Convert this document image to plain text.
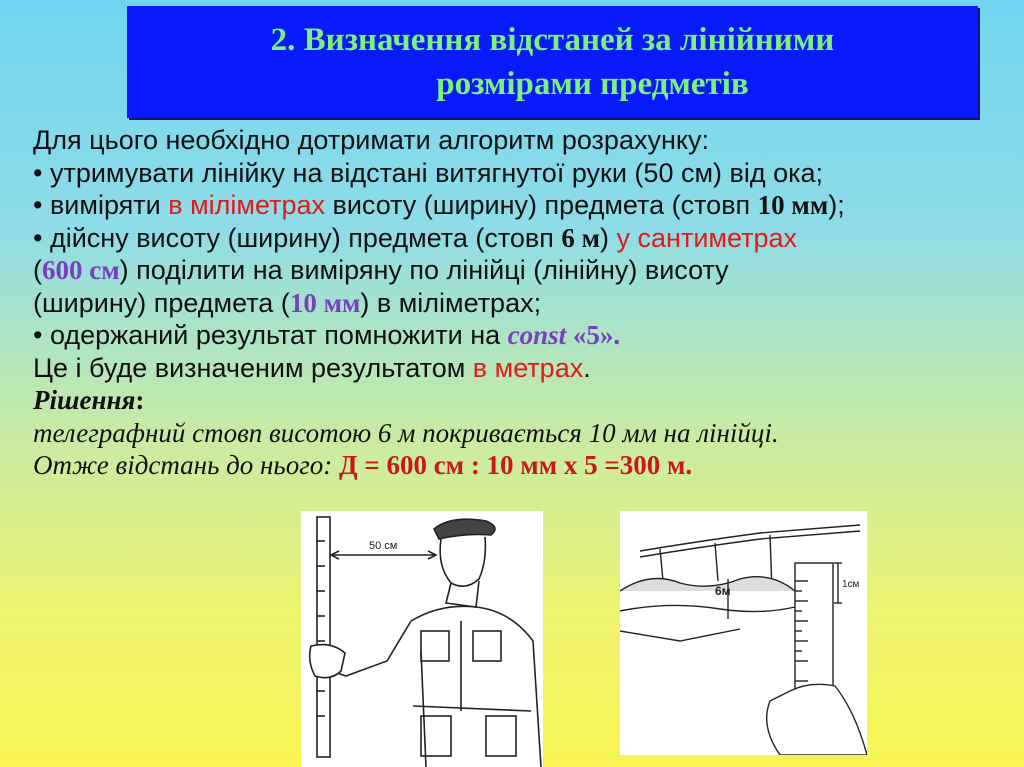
2. Визначення відстаней за лінійними
розмірами предметів
Для цього необхідно дотримати алгоритм розрахунку:
• утримувати лінійку на відстані витягнутої руки (50 см) від ока;
• виміряти в міліметрах висоту (ширину) предмета (стовп 10 мм);
• дійсну висоту (ширину) предмета (стовп 6 м) у сантиметрах
(600 см) поділити на виміряну по лінійці (лінійну) висоту
(ширину) предмета (10 мм) в міліметрах;
• одержаний результат помножити на const «5».
Це і буде визначеним результатом в метрах.
Рішення:
телеграфний стовп висотою 6 м покривається 10 мм на лінійці.
Отже відстань до нього: Д = 600 см : 10 мм х 5 =300 м.
50 см
6м	1см
